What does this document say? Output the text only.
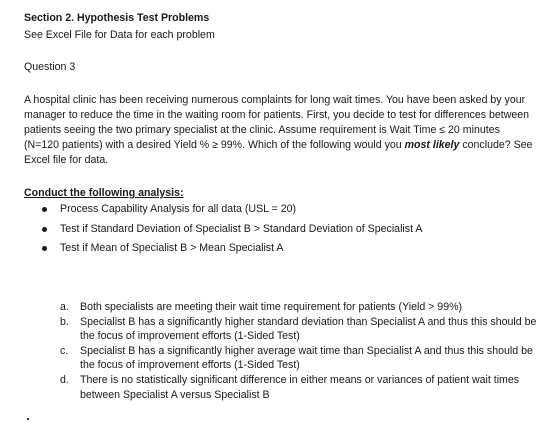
Section 2. Hypothesis Test Problems
See Excel File for Data for each problem
Question 3
A hospital clinic has been receiving numerous complaints for long wait times. You have been asked by your manager to reduce the time in the waiting room for patients. First, you decide to test for differences between patients seeing the two primary specialist at the clinic. Assume requirement is Wait Time ≤ 20 minutes (N=120 patients) with a desired Yield % ≥ 99%. Which of the following would you most likely conclude? See Excel file for data.
Conduct the following analysis:
Process Capability Analysis for all data (USL = 20)
Test if Standard Deviation of Specialist B > Standard Deviation of Specialist A
Test if Mean of Specialist B > Mean Specialist A
a. Both specialists are meeting their wait time requirement for patients (Yield > 99%)
b. Specialist B has a significantly higher standard deviation than Specialist A and thus this should be the focus of improvement efforts (1-Sided Test)
c. Specialist B has a significantly higher average wait time than Specialist A and thus this should be the focus of improvement efforts (1-Sided Test)
d. There is no statistically significant difference in either means or variances of patient wait times between Specialist A versus Specialist B
